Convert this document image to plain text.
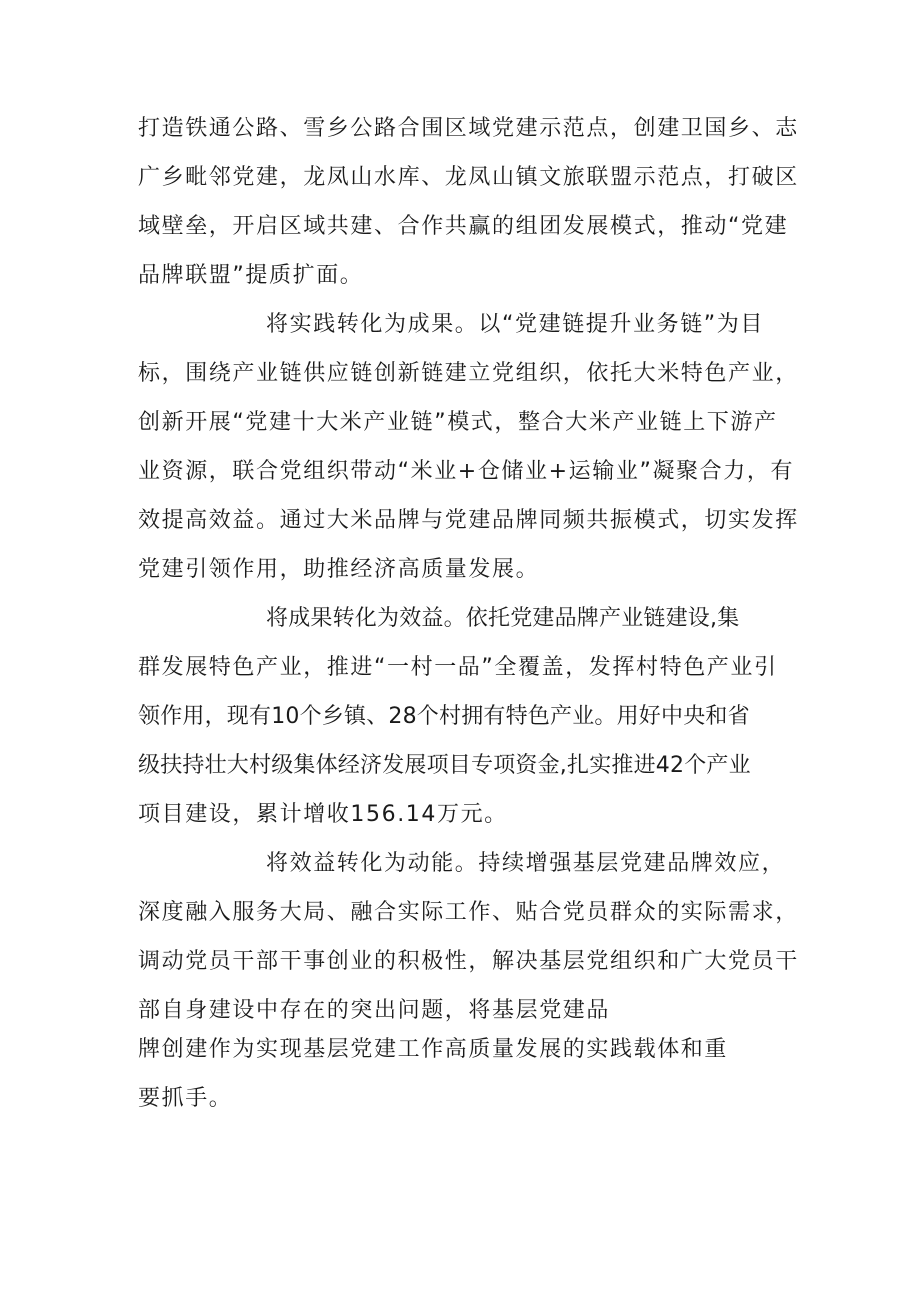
打造铁通公路、雪乡公路合围区域党建示范点，创建卫国乡、志
广乡毗邻党建，龙凤山水库、龙凤山镇文旅联盟示范点，打破区
域壁垒，开启区域共建、合作共赢的组团发展模式，推动“党建
品牌联盟”提质扩面。
将实践转化为成果。以“党建链提升业务链”为目
标，围绕产业链供应链创新链建立党组织，依托大米特色产业，
创新开展“党建十大米产业链”模式，整合大米产业链上下游产
业资源，联合党组织带动“米业+仓储业+运输业”凝聚合力，有
效提高效益。通过大米品牌与党建品牌同频共振模式，切实发挥
党建引领作用，助推经济高质量发展。
将成果转化为效益。依托党建品牌产业链建设,集
群发展特色产业，推进“一村一品”全覆盖，发挥村特色产业引
领作用，现有10个乡镇、28个村拥有特色产业。用好中央和省
级扶持壮大村级集体经济发展项目专项资金,扎实推进42个产业
项目建设，累计增收156.14万元。
将效益转化为动能。持续增强基层党建品牌效应，
深度融入服务大局、融合实际工作、贴合党员群众的实际需求，
调动党员干部干事创业的积极性，解决基层党组织和广大党员干
部自身建设中存在的突出问题，将基层党建品
牌创建作为实现基层党建工作高质量发展的实践载体和重
要抓手。
